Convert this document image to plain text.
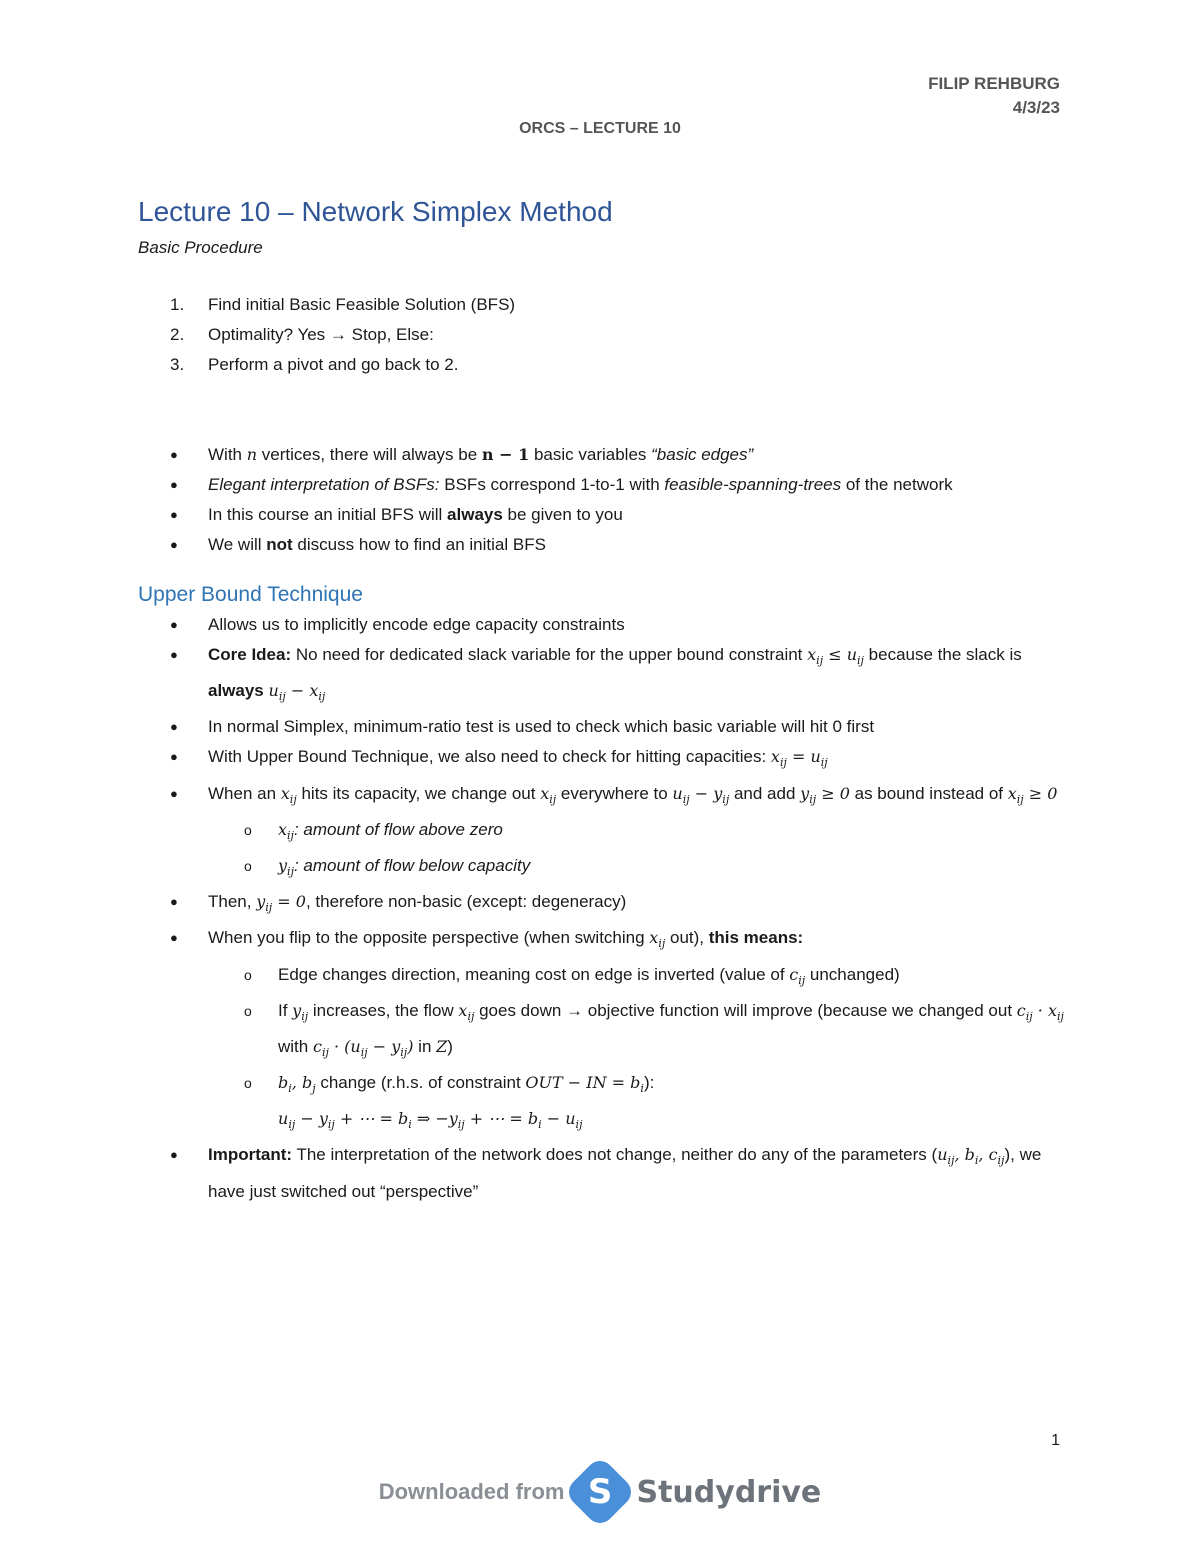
FILIP REHBURG
4/3/23
ORCS – LECTURE 10
Lecture 10 – Network Simplex Method
Basic Procedure
1.	Find initial Basic Feasible Solution (BFS)
2.	Optimality? Yes → Stop, Else:
3.	Perform a pivot and go back to 2.
●	With n vertices, there will always be n − 1 basic variables “basic edges”
●	Elegant interpretation of BSFs: BSFs correspond 1-to-1 with feasible-spanning-trees of the network
●	In this course an initial BFS will always be given to you
●	We will not discuss how to find an initial BFS
Upper Bound Technique
●	Allows us to implicitly encode edge capacity constraints
●	Core Idea: No need for dedicated slack variable for the upper bound constraint $x_{ij} \le u_{ij}$ because the slack is always $u_{ij} - x_{ij}$
●	In normal Simplex, minimum-ratio test is used to check which basic variable will hit 0 first
●	With Upper Bound Technique, we also need to check for hitting capacities: $x_{ij} = u_{ij}$
●	When an $x_{ij}$ hits its capacity, we change out $x_{ij}$ everywhere to $u_{ij} - y_{ij}$ and add $y_{ij} \ge 0$ as bound instead of $x_{ij} \ge 0$
o	$x_{ij}$: amount of flow above zero
o	$y_{ij}$: amount of flow below capacity
●	Then, $y_{ij} = 0$, therefore non-basic (except: degeneracy)
●	When you flip to the opposite perspective (when switching $x_{ij}$ out), this means:
o	Edge changes direction, meaning cost on edge is inverted (value of $c_{ij}$ unchanged)
o	If $y_{ij}$ increases, the flow $x_{ij}$ goes down → objective function will improve (because we changed out $c_{ij} \cdot x_{ij}$ with $c_{ij} \cdot (u_{ij} - y_{ij})$ in Z)
o	$b_i$, $b_j$ change (r.h.s. of constraint OUT − IN = $b_i$):
$u_{ij} - y_{ij}$ + ⋯ = $b_i$ ⇒ $-y_{ij}$ + ⋯ = $b_i - u_{ij}$
●	Important: The interpretation of the network does not change, neither do any of the parameters ($u_{ij}$, $b_i$, $c_{ij}$), we have just switched out “perspective”
1
Downloaded from S Studydrive
